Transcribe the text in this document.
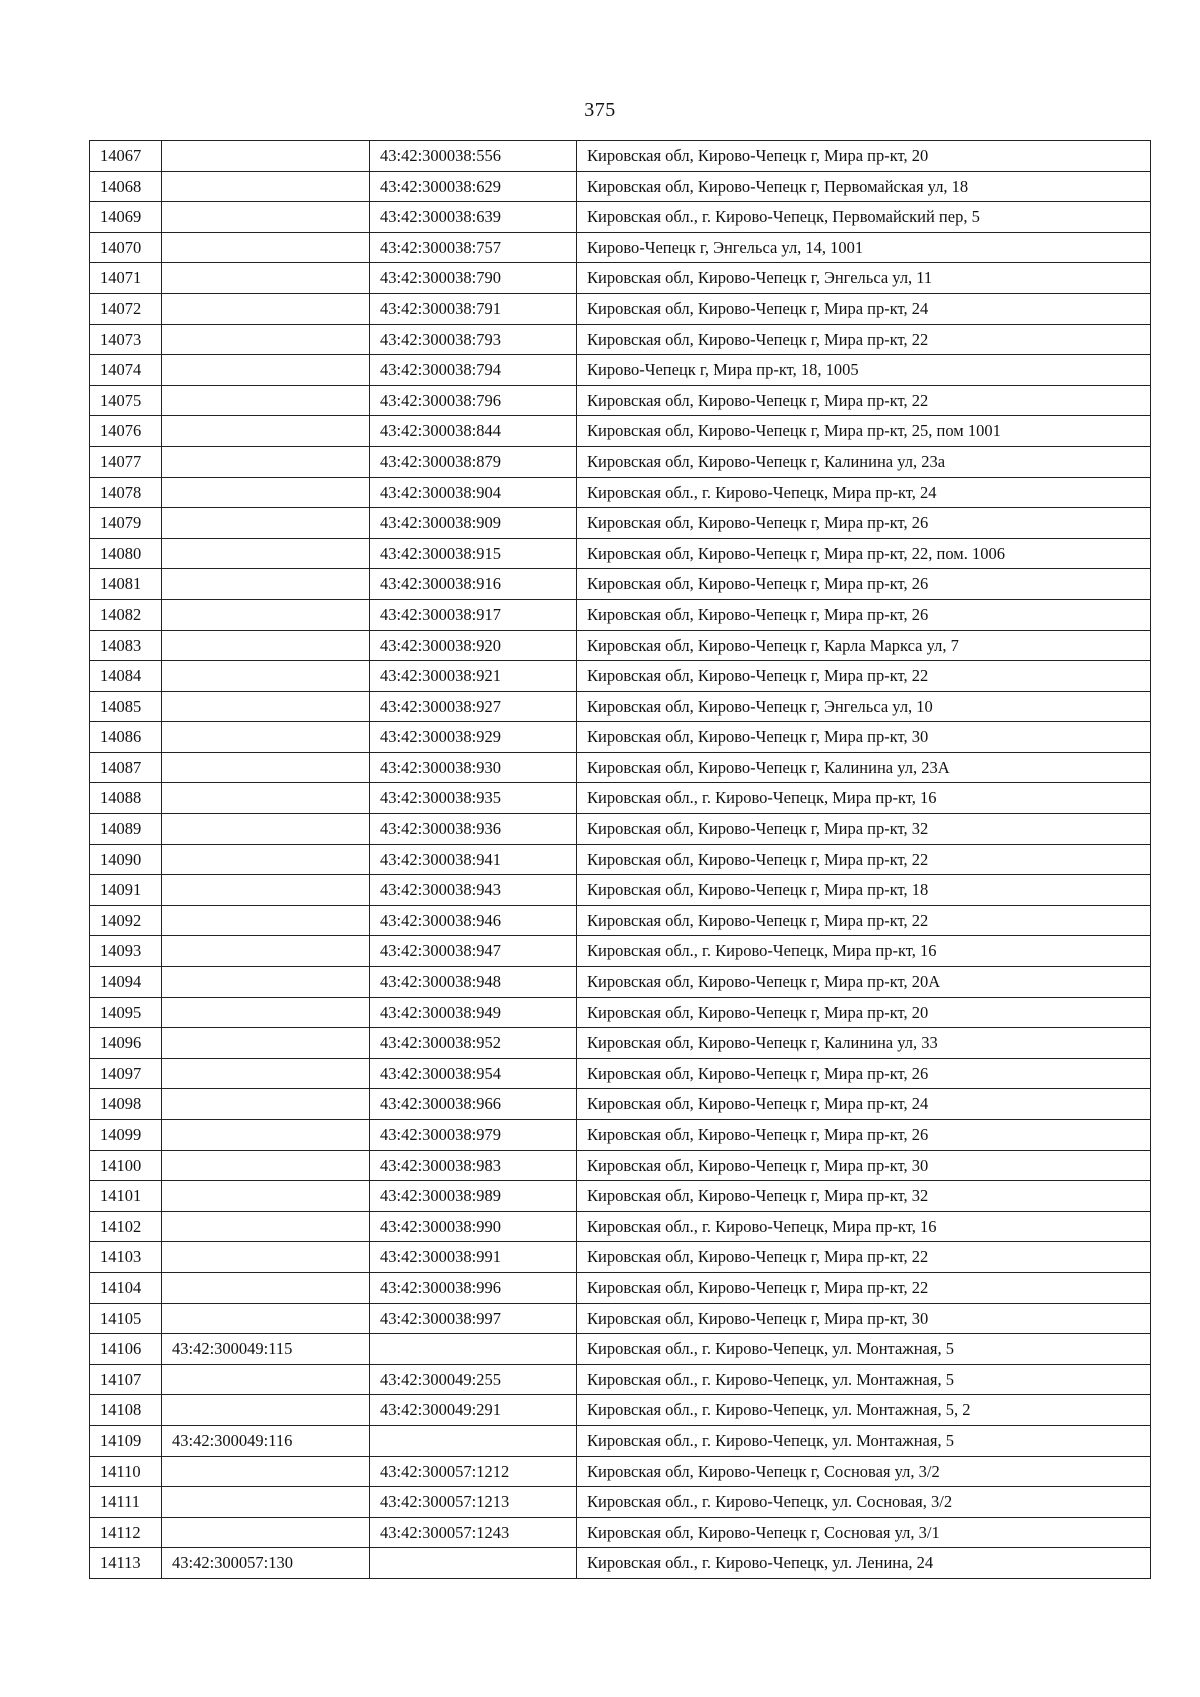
375
14067		43:42:300038:556	Кировская обл, Кирово-Чепецк г, Мира пр-кт, 20
14068		43:42:300038:629	Кировская обл, Кирово-Чепецк г, Первомайская ул, 18
14069		43:42:300038:639	Кировская обл., г. Кирово-Чепецк, Первомайский пер, 5
14070		43:42:300038:757	Кирово-Чепецк г, Энгельса ул, 14, 1001
14071		43:42:300038:790	Кировская обл, Кирово-Чепецк г, Энгельса ул, 11
14072		43:42:300038:791	Кировская обл, Кирово-Чепецк г, Мира пр-кт, 24
14073		43:42:300038:793	Кировская обл, Кирово-Чепецк г, Мира пр-кт, 22
14074		43:42:300038:794	Кирово-Чепецк г, Мира пр-кт, 18, 1005
14075		43:42:300038:796	Кировская обл, Кирово-Чепецк г, Мира пр-кт, 22
14076		43:42:300038:844	Кировская обл, Кирово-Чепецк г, Мира пр-кт, 25, пом 1001
14077		43:42:300038:879	Кировская обл, Кирово-Чепецк г, Калинина ул, 23а
14078		43:42:300038:904	Кировская обл., г. Кирово-Чепецк, Мира пр-кт, 24
14079		43:42:300038:909	Кировская обл, Кирово-Чепецк г, Мира пр-кт, 26
14080		43:42:300038:915	Кировская обл, Кирово-Чепецк г, Мира пр-кт, 22, пом. 1006
14081		43:42:300038:916	Кировская обл, Кирово-Чепецк г, Мира пр-кт, 26
14082		43:42:300038:917	Кировская обл, Кирово-Чепецк г, Мира пр-кт, 26
14083		43:42:300038:920	Кировская обл, Кирово-Чепецк г, Карла Маркса ул, 7
14084		43:42:300038:921	Кировская обл, Кирово-Чепецк г, Мира пр-кт, 22
14085		43:42:300038:927	Кировская обл, Кирово-Чепецк г, Энгельса ул, 10
14086		43:42:300038:929	Кировская обл, Кирово-Чепецк г, Мира пр-кт, 30
14087		43:42:300038:930	Кировская обл, Кирово-Чепецк г, Калинина ул, 23А
14088		43:42:300038:935	Кировская обл., г. Кирово-Чепецк, Мира пр-кт, 16
14089		43:42:300038:936	Кировская обл, Кирово-Чепецк г, Мира пр-кт, 32
14090		43:42:300038:941	Кировская обл, Кирово-Чепецк г, Мира пр-кт, 22
14091		43:42:300038:943	Кировская обл, Кирово-Чепецк г, Мира пр-кт, 18
14092		43:42:300038:946	Кировская обл, Кирово-Чепецк г, Мира пр-кт, 22
14093		43:42:300038:947	Кировская обл., г. Кирово-Чепецк, Мира пр-кт, 16
14094		43:42:300038:948	Кировская обл, Кирово-Чепецк г, Мира пр-кт, 20А
14095		43:42:300038:949	Кировская обл, Кирово-Чепецк г, Мира пр-кт, 20
14096		43:42:300038:952	Кировская обл, Кирово-Чепецк г, Калинина ул, 33
14097		43:42:300038:954	Кировская обл, Кирово-Чепецк г, Мира пр-кт, 26
14098		43:42:300038:966	Кировская обл, Кирово-Чепецк г, Мира пр-кт, 24
14099		43:42:300038:979	Кировская обл, Кирово-Чепецк г, Мира пр-кт, 26
14100		43:42:300038:983	Кировская обл, Кирово-Чепецк г, Мира пр-кт, 30
14101		43:42:300038:989	Кировская обл, Кирово-Чепецк г, Мира пр-кт, 32
14102		43:42:300038:990	Кировская обл., г. Кирово-Чепецк, Мира пр-кт, 16
14103		43:42:300038:991	Кировская обл, Кирово-Чепецк г, Мира пр-кт, 22
14104		43:42:300038:996	Кировская обл, Кирово-Чепецк г, Мира пр-кт, 22
14105		43:42:300038:997	Кировская обл, Кирово-Чепецк г, Мира пр-кт, 30
14106	43:42:300049:115		Кировская обл., г. Кирово-Чепецк, ул. Монтажная, 5
14107		43:42:300049:255	Кировская обл., г. Кирово-Чепецк, ул. Монтажная, 5
14108		43:42:300049:291	Кировская обл., г. Кирово-Чепецк, ул. Монтажная, 5, 2
14109	43:42:300049:116		Кировская обл., г. Кирово-Чепецк, ул. Монтажная, 5
14110		43:42:300057:1212	Кировская обл, Кирово-Чепецк г, Сосновая ул, 3/2
14111		43:42:300057:1213	Кировская обл., г. Кирово-Чепецк, ул. Сосновая, 3/2
14112		43:42:300057:1243	Кировская обл, Кирово-Чепецк г, Сосновая ул, 3/1
14113	43:42:300057:130		Кировская обл., г. Кирово-Чепецк, ул. Ленина, 24
